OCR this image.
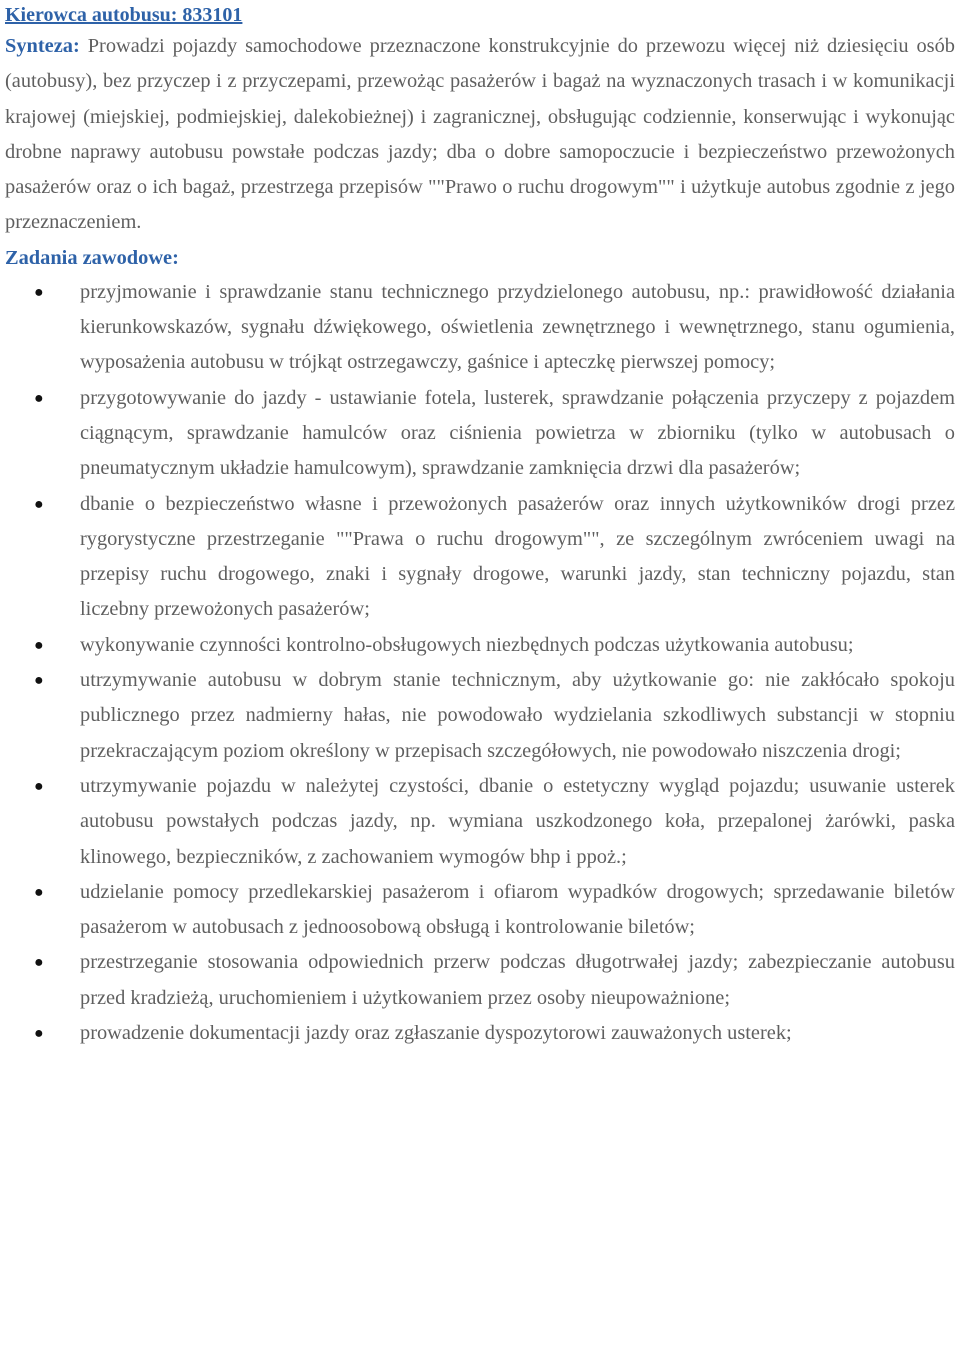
Kierowca autobusu: 833101

Synteza: Prowadzi pojazdy samochodowe przeznaczone konstrukcyjnie do przewozu więcej niż dziesięciu osób (autobusy), bez przyczep i z przyczepami, przewożąc pasażerów i bagaż na wyznaczonych trasach i w komunikacji krajowej (miejskiej, podmiejskiej, dalekobieżnej) i zagranicznej, obsługując codziennie, konserwując i wykonując drobne naprawy autobusu powstałe podczas jazdy; dba o dobre samopoczucie i bezpieczeństwo przewożonych pasażerów oraz o ich bagaż, przestrzega przepisów ""Prawo o ruchu drogowym"" i użytkuje autobus zgodnie z jego przeznaczeniem.

Zadania zawodowe:

● przyjmowanie i sprawdzanie stanu technicznego przydzielonego autobusu, np.: prawidłowość działania kierunkowskazów, sygnału dźwiękowego, oświetlenia zewnętrznego i wewnętrznego, stanu ogumienia, wyposażenia autobusu w trójkąt ostrzegawczy, gaśnice i apteczkę pierwszej pomocy;
● przygotowywanie do jazdy - ustawianie fotela, lusterek, sprawdzanie połączenia przyczepy z pojazdem ciągnącym, sprawdzanie hamulców oraz ciśnienia powietrza w zbiorniku (tylko w autobusach o pneumatycznym układzie hamulcowym), sprawdzanie zamknięcia drzwi dla pasażerów;
● dbanie o bezpieczeństwo własne i przewożonych pasażerów oraz innych użytkowników drogi przez rygorystyczne przestrzeganie ""Prawa o ruchu drogowym"", ze szczególnym zwróceniem uwagi na przepisy ruchu drogowego, znaki i sygnały drogowe, warunki jazdy, stan techniczny pojazdu, stan liczebny przewożonych pasażerów;
● wykonywanie czynności kontrolno-obsługowych niezbędnych podczas użytkowania autobusu;
● utrzymywanie autobusu w dobrym stanie technicznym, aby użytkowanie go: nie zakłócało spokoju publicznego przez nadmierny hałas, nie powodowało wydzielania szkodliwych substancji w stopniu przekraczającym poziom określony w przepisach szczegółowych, nie powodowało niszczenia drogi;
● utrzymywanie pojazdu w należytej czystości, dbanie o estetyczny wygląd pojazdu; usuwanie usterek autobusu powstałych podczas jazdy, np. wymiana uszkodzonego koła, przepalonej żarówki, paska klinowego, bezpieczników, z zachowaniem wymogów bhp i ppoż.;
● udzielanie pomocy przedlekarskiej pasażerom i ofiarom wypadków drogowych; sprzedawanie biletów pasażerom w autobusach z jednoosobową obsługą i kontrolowanie biletów;
● przestrzeganie stosowania odpowiednich przerw podczas długotrwałej jazdy; zabezpieczanie autobusu przed kradzieżą, uruchomieniem i użytkowaniem przez osoby nieupoważnione;
● prowadzenie dokumentacji jazdy oraz zgłaszanie dyspozytorowi zauważonych usterek;
